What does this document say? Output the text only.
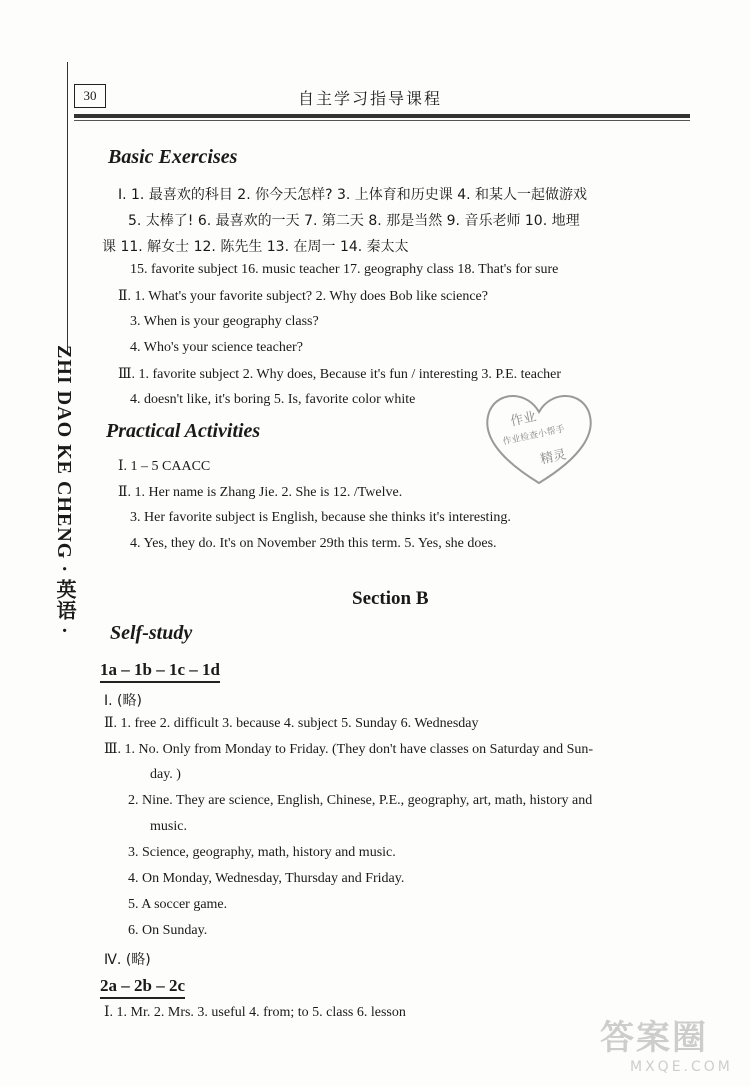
30	自主学习指导课程
ZHI DAO KE CHENG · 英语 ·
Basic Exercises
Ⅰ. 1. 最喜欢的科目 2. 你今天怎样? 3. 上体育和历史课 4. 和某人一起做游戏
5. 太棒了! 6. 最喜欢的一天 7. 第二天 8. 那是当然 9. 音乐老师 10. 地理
课 11. 解女士 12. 陈先生 13. 在周一 14. 秦太太
15. favorite subject 16. music teacher 17. geography class 18. That's for sure
Ⅱ. 1. What's your favorite subject? 2. Why does Bob like science?
3. When is your geography class?
4. Who's your science teacher?
Ⅲ. 1. favorite subject 2. Why does, Because it's fun / interesting 3. P.E. teacher
4. doesn't like, it's boring 5. Is, favorite color white
作业
作业检查小帮手
精灵
Practical Activities
Ⅰ. 1 – 5 CAACC
Ⅱ. 1. Her name is Zhang Jie. 2. She is 12. /Twelve.
3. Her favorite subject is English, because she thinks it's interesting.
4. Yes, they do. It's on November 29th this term. 5. Yes, she does.
Section B
Self-study
1a – 1b – 1c – 1d
Ⅰ. (略)
Ⅱ. 1. free 2. difficult 3. because 4. subject 5. Sunday 6. Wednesday
Ⅲ. 1. No. Only from Monday to Friday. (They don't have classes on Saturday and Sun-
day. )
2. Nine. They are science, English, Chinese, P.E., geography, art, math, history and
music.
3. Science, geography, math, history and music.
4. On Monday, Wednesday, Thursday and Friday.
5. A soccer game.
6. On Sunday.
Ⅳ. (略)
2a – 2b – 2c
Ⅰ. 1. Mr. 2. Mrs. 3. useful 4. from; to 5. class 6. lesson
答案圈
MXQE.COM
